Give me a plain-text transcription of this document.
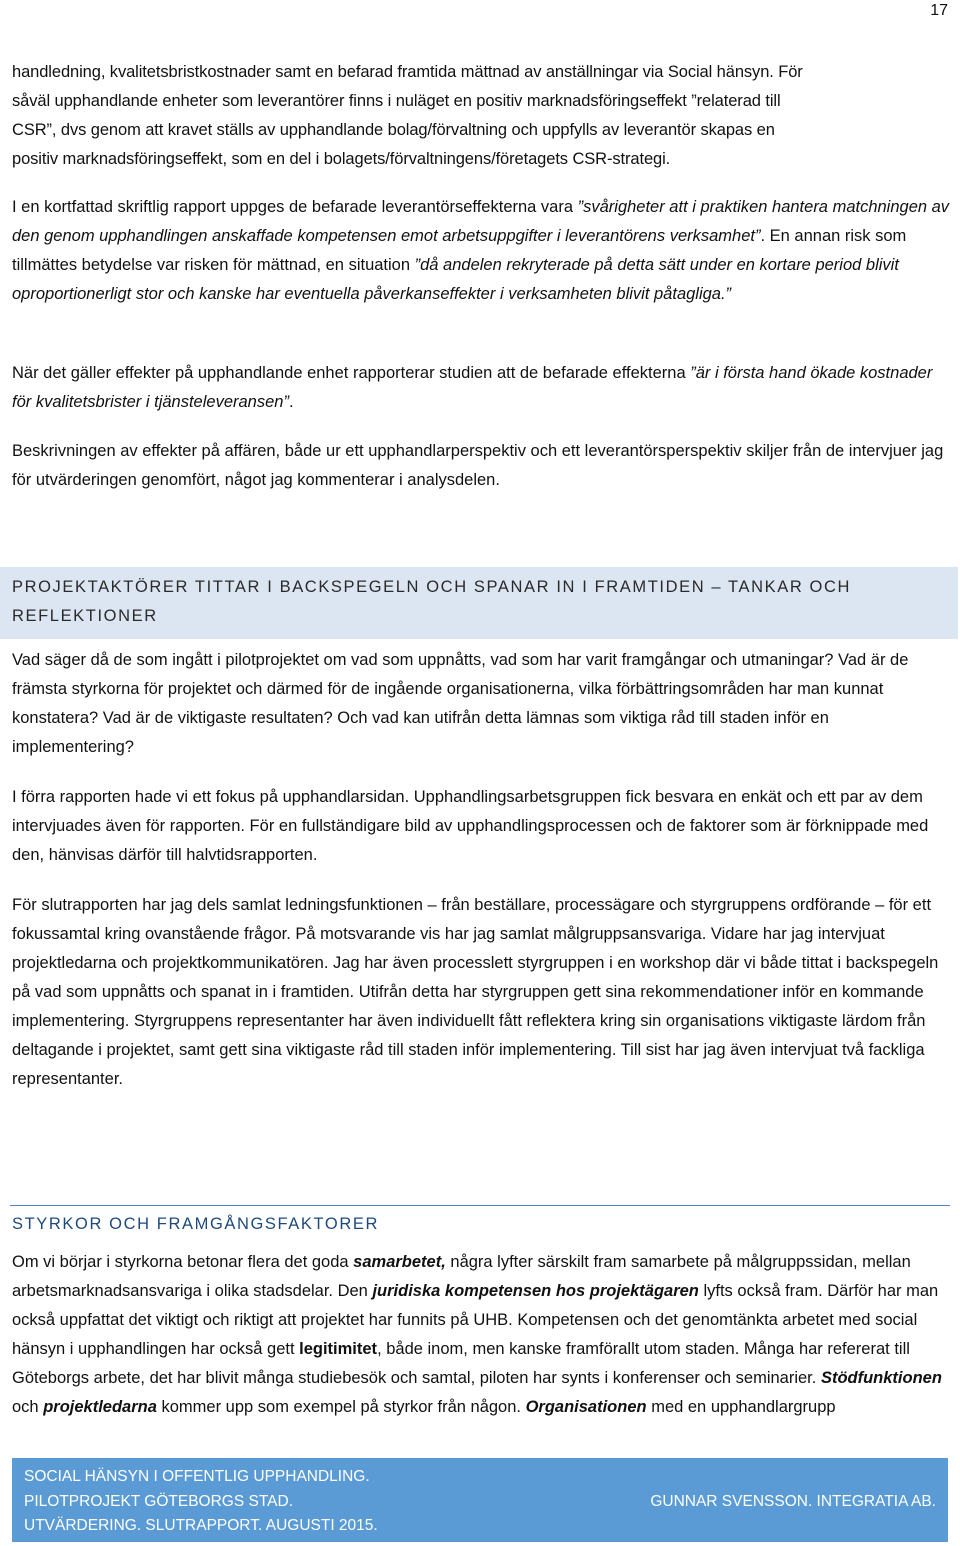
17
handledning, kvalitetsbristkostnader samt en befarad framtida mättnad av anställningar via Social hänsyn. För
såväl upphandlande enheter som leverantörer finns i nuläget en positiv marknadsföringseffekt ”relaterad till
CSR”, dvs genom att kravet ställs av upphandlande bolag/förvaltning och uppfylls av leverantör skapas en
positiv marknadsföringseffekt, som en del i bolagets/förvaltningens/företagets CSR-strategi.

I en kortfattad skriftlig rapport uppges de befarade leverantörseffekterna vara ”svårigheter att i praktiken hantera matchningen av den genom upphandlingen anskaffade kompetensen emot arbetsuppgifter i leverantörens verksamhet”. En annan risk som tillmättes betydelse var risken för mättnad, en situation ”då andelen rekryterade på detta sätt under en kortare period blivit oproportionerligt stor och kanske har eventuella påverkanseffekter i verksamheten blivit påtagliga.”

När det gäller effekter på upphandlande enhet rapporterar studien att de befarade effekterna ”är i första hand ökade kostnader för kvalitetsbrister i tjänsteleveransen”.

Beskrivningen av effekter på affären, både ur ett upphandlarperspektiv och ett leverantörsperspektiv skiljer från de intervjuer jag för utvärderingen genomfört, något jag kommenterar i analysdelen.

PROJEKTAKTÖRER TITTAR I BACKSPEGELN OCH SPANAR IN I FRAMTIDEN – TANKAR OCH REFLEKTIONER

Vad säger då de som ingått i pilotprojektet om vad som uppnåtts, vad som har varit framgångar och utmaningar? Vad är de främsta styrkorna för projektet och därmed för de ingående organisationerna, vilka förbättringsområden har man kunnat konstatera? Vad är de viktigaste resultaten? Och vad kan utifrån detta lämnas som viktiga råd till staden inför en implementering?

I förra rapporten hade vi ett fokus på upphandlarsidan. Upphandlingsarbetsgruppen fick besvara en enkät och ett par av dem intervjuades även för rapporten. För en fullständigare bild av upphandlingsprocessen och de faktorer som är förknippade med den, hänvisas därför till halvtidsrapporten.

För slutrapporten har jag dels samlat ledningsfunktionen – från beställare, processägare och styrgruppens ordförande – för ett fokussamtal kring ovanstående frågor. På motsvarande vis har jag samlat målgruppsansvariga. Vidare har jag intervjuat projektledarna och projektkommunikatören. Jag har även processlett styrgruppen i en workshop där vi både tittat i backspegeln på vad som uppnåtts och spanat in i framtiden. Utifrån detta har styrgruppen gett sina rekommendationer inför en kommande implementering. Styrgruppens representanter har även individuellt fått reflektera kring sin organisations viktigaste lärdom från deltagande i projektet, samt gett sina viktigaste råd till staden inför implementering. Till sist har jag även intervjuat två fackliga representanter.

STYRKOR OCH FRAMGÅNGSFAKTORER

Om vi börjar i styrkorna betonar flera det goda samarbetet, några lyfter särskilt fram samarbete på målgruppssidan, mellan arbetsmarknadsansvariga i olika stadsdelar. Den juridiska kompetensen hos projektägaren lyfts också fram. Därför har man också uppfattat det viktigt och riktigt att projektet har funnits på UHB. Kompetensen och det genomtänkta arbetet med social hänsyn i upphandlingen har också gett legitimitet, både inom, men kanske framförallt utom staden. Många har refererat till Göteborgs arbete, det har blivit många studiebesök och samtal, piloten har synts i konferenser och seminarier. Stödfunktionen och projektledarna kommer upp som exempel på styrkor från någon. Organisationen med en upphandlargrupp

SOCIAL HÄNSYN I OFFENTLIG UPPHANDLING.
PILOTPROJEKT GÖTEBORGS STAD.
UTVÄRDERING. SLUTRAPPORT. AUGUSTI 2015.
GUNNAR SVENSSON. INTEGRATIA AB.
